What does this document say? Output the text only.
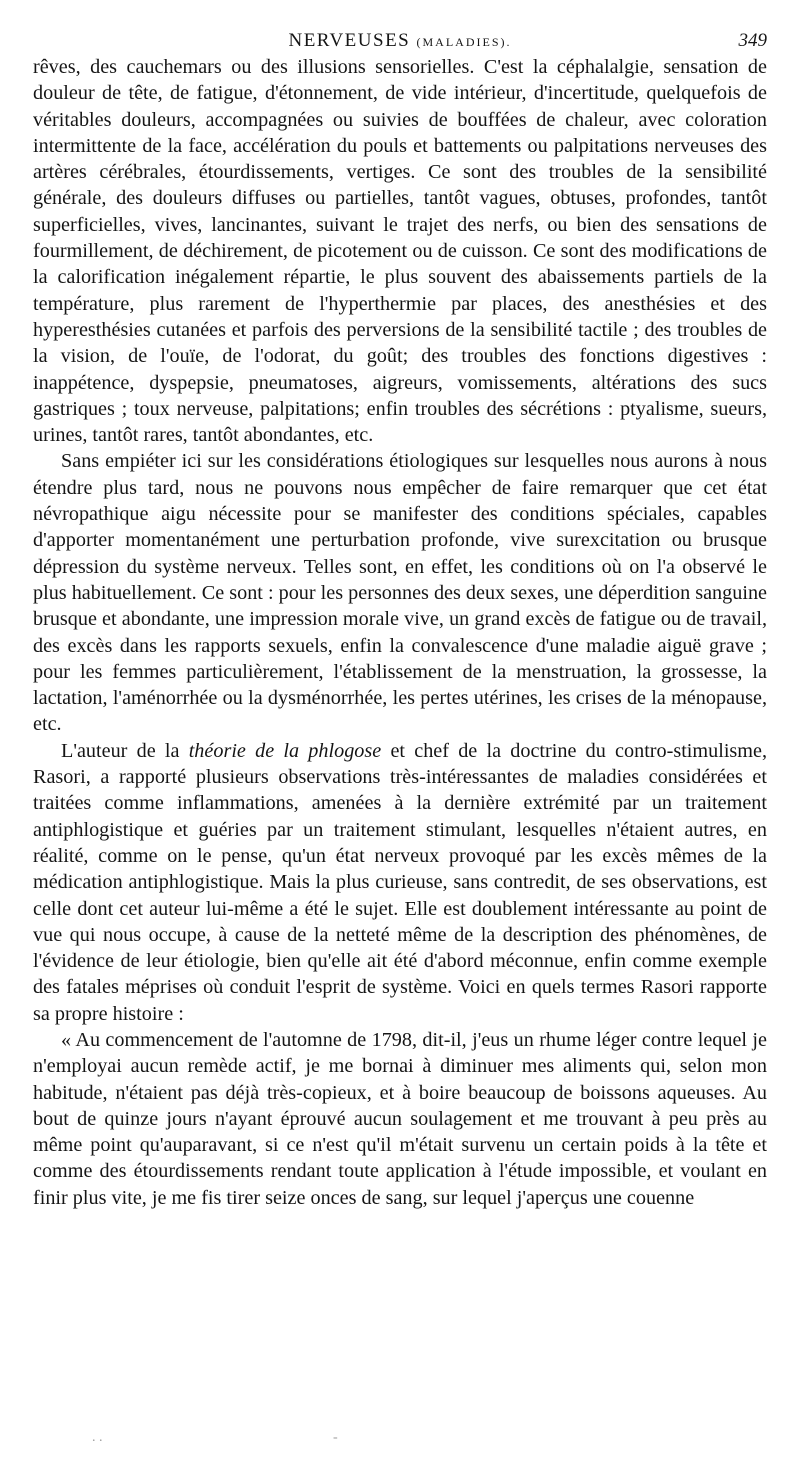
NERVEUSES (MALADIES).	349

rêves, des cauchemars ou des illusions sensorielles. C'est la céphalalgie, sensation de douleur de tête, de fatigue, d'étonnement, de vide intérieur, d'incertitude, quelquefois de véritables douleurs, accompagnées ou suivies de bouffées de chaleur, avec coloration intermittente de la face, accélération du pouls et battements ou palpitations nerveuses des artères cérébrales, étourdissements, vertiges. Ce sont des troubles de la sensibilité générale, des douleurs diffuses ou partielles, tantôt vagues, obtuses, profondes, tantôt superficielles, vives, lancinantes, suivant le trajet des nerfs, ou bien des sensations de fourmillement, de déchirement, de picotement ou de cuisson. Ce sont des modifications de la calorification inégalement répartie, le plus souvent des abaissements partiels de la température, plus rarement de l'hyperthermie par places, des anesthésies et des hyperesthésies cutanées et parfois des perversions de la sensibilité tactile ; des troubles de la vision, de l'ouïe, de l'odorat, du goût; des troubles des fonctions digestives : inappétence, dyspepsie, pneumatoses, aigreurs, vomissements, altérations des sucs gastriques ; toux nerveuse, palpitations; enfin troubles des sécrétions : ptyalisme, sueurs, urines, tantôt rares, tantôt abondantes, etc.

Sans empiéter ici sur les considérations étiologiques sur lesquelles nous aurons à nous étendre plus tard, nous ne pouvons nous empêcher de faire remarquer que cet état névropathique aigu nécessite pour se manifester des conditions spéciales, capables d'apporter momentanément une perturbation profonde, vive surexcitation ou brusque dépression du système nerveux. Telles sont, en effet, les conditions où on l'a observé le plus habituellement. Ce sont : pour les personnes des deux sexes, une déperdition sanguine brusque et abondante, une impression morale vive, un grand excès de fatigue ou de travail, des excès dans les rapports sexuels, enfin la convalescence d'une maladie aiguë grave ; pour les femmes particulièrement, l'établissement de la menstruation, la grossesse, la lactation, l'aménorrhée ou la dysménorrhée, les pertes utérines, les crises de la ménopause, etc.

L'auteur de la théorie de la phlogose et chef de la doctrine du contro-stimulisme, Rasori, a rapporté plusieurs observations très-intéressantes de maladies considérées et traitées comme inflammations, amenées à la dernière extrémité par un traitement antiphlogistique et guéries par un traitement stimulant, lesquelles n'étaient autres, en réalité, comme on le pense, qu'un état nerveux provoqué par les excès mêmes de la médication antiphlogistique. Mais la plus curieuse, sans contredit, de ses observations, est celle dont cet auteur lui-même a été le sujet. Elle est doublement intéressante au point de vue qui nous occupe, à cause de la netteté même de la description des phénomènes, de l'évidence de leur étiologie, bien qu'elle ait été d'abord méconnue, enfin comme exemple des fatales méprises où conduit l'esprit de système. Voici en quels termes Rasori rapporte sa propre histoire :

« Au commencement de l'automne de 1798, dit-il, j'eus un rhume léger contre lequel je n'employai aucun remède actif, je me bornai à diminuer mes aliments qui, selon mon habitude, n'étaient pas déjà très-copieux, et à boire beaucoup de boissons aqueuses. Au bout de quinze jours n'ayant éprouvé aucun soulagement et me trouvant à peu près au même point qu'auparavant, si ce n'est qu'il m'était survenu un certain poids à la tête et comme des étourdissements rendant toute application à l'étude impossible, et voulant en finir plus vite, je me fis tirer seize onces de sang, sur lequel j'aperçus une couenne

. .	-
